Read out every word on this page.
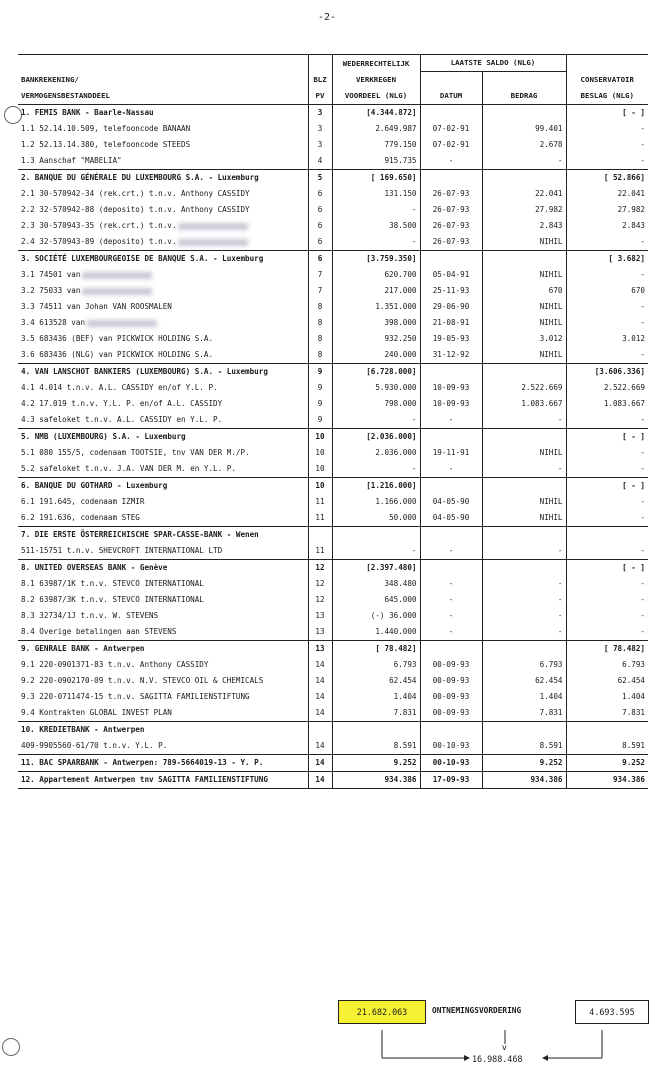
-2-
		WEDERRECHTELIJK	LAATSTE SALDO (NLG)		
BANKREKENING/	BLZ	VERKREGEN			CONSERVATOIR
VERMOGENSBESTANDDEEL	PV	VOORDEEL (NLG)	DATUM	BEDRAG	BESLAG (NLG)
1. FEMIS BANK - Baarle-Nassau	3	[4.344.872]			[ - ]
1.1 52.14.10.509, telefooncode BANAAN	3	2.649.987	07-02-91	99.401	-
1.2 52.13.14.380, telefooncode STEEDS	3	779.150	07-02-91	2.678	-
1.3 Aanschaf "MABELIA"	4	915.735	-	-	-
2. BANQUE DU GÉNÉRALE DU LUXEMBOURG S.A. - Luxemburg	5	[ 169.650]			[ 52.866]
2.1 30-570942-34 (rek.crt.) t.n.v. Anthony CASSIDY	6	131.150	26-07-93	22.041	22.041
2.2 32-570942-88 (deposito) t.n.v. Anthony CASSIDY	6	-	26-07-93	27.982	27.982
2.3 30-570943-35 (rek.crt.) t.n.v.	6	38.500	26-07-93	2.843	2.843
2.4 32-570943-89 (deposito) t.n.v.	6	-	26-07-93	NIHIL	-
3. SOCIÉTÉ LUXEMBOURGEOISE DE BANQUE S.A. - Luxemburg	6	[3.759.350]			[ 3.682]
3.1 74501 van	7	620.700	05-04-91	NIHIL	-
3.2 75033 van	7	217.000	25-11-93	670	670
3.3 74511 van Johan VAN ROOSMALEN	8	1.351.000	29-06-90	NIHIL	-
3.4 613528 van	8	398.000	21-08-91	NIHIL	-
3.5 683436 (BEF) van PICKWICK HOLDING S.A.	8	932.250	19-05-93	3.012	3.012
3.6 683436 (NLG) van PICKWICK HOLDING S.A.	8	240.000	31-12-92	NIHIL	-
4. VAN LANSCHOT BANKIERS (LUXEMBOURG) S.A. - Luxemburg	9	[6.728.000]			[3.606.336]
4.1 4.014 t.n.v. A.L. CASSIDY en/of Y.L. P.	9	5.930.000	10-09-93	2.522.669	2.522.669
4.2 17.019 t.n.v. Y.L. P. en/of A.L. CASSIDY	9	798.000	10-09-93	1.083.667	1.083.667
4.3 safeloket t.n.v. A.L. CASSIDY en Y.L. P.	9	-	-	-	-
5. NMB (LUXEMBOURG) S.A. - Luxemburg	10	[2.036.000]			[ - ]
5.1 080 155/5, codenaam TOOTSIE, tnv VAN DER M./P.	10	2.036.000	19-11-91	NIHIL	-
5.2 safeloket t.n.v. J.A. VAN DER M. en Y.L. P.	10	-	-	-	-
6. BANQUE DU GOTHARD - Luxemburg	10	[1.216.000]			[ - ]
6.1 191.645, codenaam IZMIR	11	1.166.000	04-05-90	NIHIL	-
6.2 191.636, codenaam STEG	11	50.000	04-05-90	NIHIL	-
7. DIE ERSTE ÖSTERREICHISCHE SPAR-CASSE-BANK - Wenen					
511-15751 t.n.v. SHEVCROFT INTERNATIONAL LTD	11	-	-	-	-
8. UNITED OVERSEAS BANK - Genève	12	[2.397.480]			[ - ]
8.1 63987/1K t.n.v. STEVCO INTERNATIONAL	12	348.480	-	-	-
8.2 63987/3K t.n.v. STEVCO INTERNATIONAL	12	645.000	-	-	-
8.3 32734/1J t.n.v. W. STEVENS	13	(-) 36.000	-	-	-
8.4 Overige betalingen aan STEVENS	13	1.440.000	-	-	-
9. GENRALE BANK - Antwerpen	13	[ 78.482]			[ 78.482]
9.1 220-0901371-83 t.n.v. Anthony CASSIDY	14	6.793	00-09-93	6.793	6.793
9.2 220-0902170-09 t.n.v. N.V. STEVCO OIL & CHEMICALS	14	62.454	00-09-93	62.454	62.454
9.3 220-0711474-15 t.n.v. SAGITTA FAMILIENSTIFTUNG	14	1.404	00-09-93	1.404	1.404
9.4 Kontrakten GLOBAL INVEST PLAN	14	7.831	00-09-93	7.831	7.831
10. KREDIETBANK - Antwerpen					
409-9905560-61/70 t.n.v. Y.L. P.	14	8.591	00-10-93	8.591	8.591
11. BAC SPAARBANK - Antwerpen: 789-5664019-13 - Y. P.	14	9.252	00-10-93	9.252	9.252
12. Appartement Antwerpen tnv SAGITTA FAMILIENSTIFTUNG	14	934.386	17-09-93	934.386	934.386

21.682.063	ONTNEMINGSVORDERING	4.693.595
v
16.988.468
